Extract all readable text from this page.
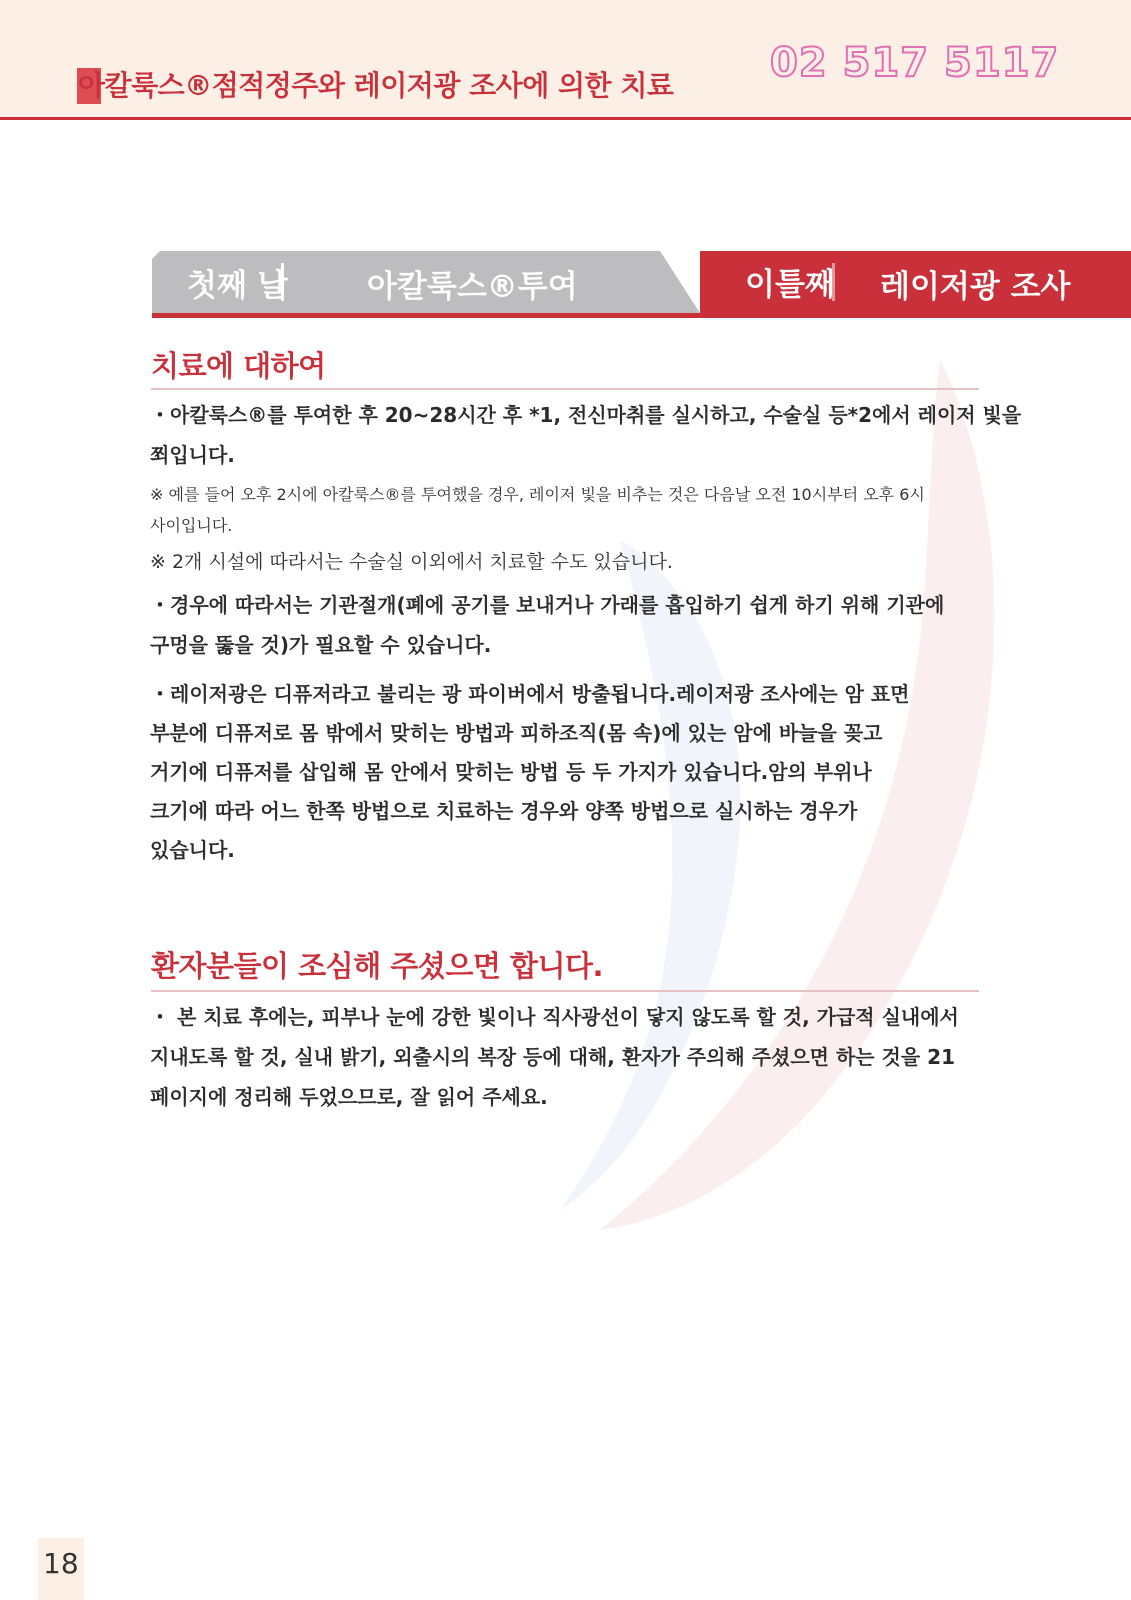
아칼룩스®점적정주와 레이저광 조사에 의한 치료 02 517 5117
첫째 날	아칼룩스®투여	이틀째 레이저광 조사
치료에 대하여

・아칼룩스®를 투여한 후 20~28시간 후 *1, 전신마취를 실시하고, 수술실 등*2에서 레이저 빛을
쬐입니다.

※ 예를 들어 오후 2시에 아칼룩스®를 투여했을 경우, 레이저 빛을 비추는 것은 다음날 오전 10시부터 오후 6시
사이입니다.

※ 2개 시설에 따라서는 수술실 이외에서 치료할 수도 있습니다.

・경우에 따라서는 기관절개(폐에 공기를 보내거나 가래를 흡입하기 쉽게 하기 위해 기관에
구멍을 뚫을 것)가 필요할 수 있습니다.

・레이저광은 디퓨저라고 불리는 광 파이버에서 방출됩니다.레이저광 조사에는 암 표면
부분에 디퓨저로 몸 밖에서 맞히는 방법과 피하조직(몸 속)에 있는 암에 바늘을 꽂고
거기에 디퓨저를 삽입해 몸 안에서 맞히는 방법 등 두 가지가 있습니다.암의 부위나
크기에 따라 어느 한쪽 방법으로 치료하는 경우와 양쪽 방법으로 실시하는 경우가
있습니다.

환자분들이 조심해 주셨으면 합니다.

・ 본 치료 후에는, 피부나 눈에 강한 빛이나 직사광선이 닿지 않도록 할 것, 가급적 실내에서
지내도록 할 것, 실내 밝기, 외출시의 복장 등에 대해, 환자가 주의해 주셨으면 하는 것을 21
페이지에 정리해 두었으므로, 잘 읽어 주세요.

18
